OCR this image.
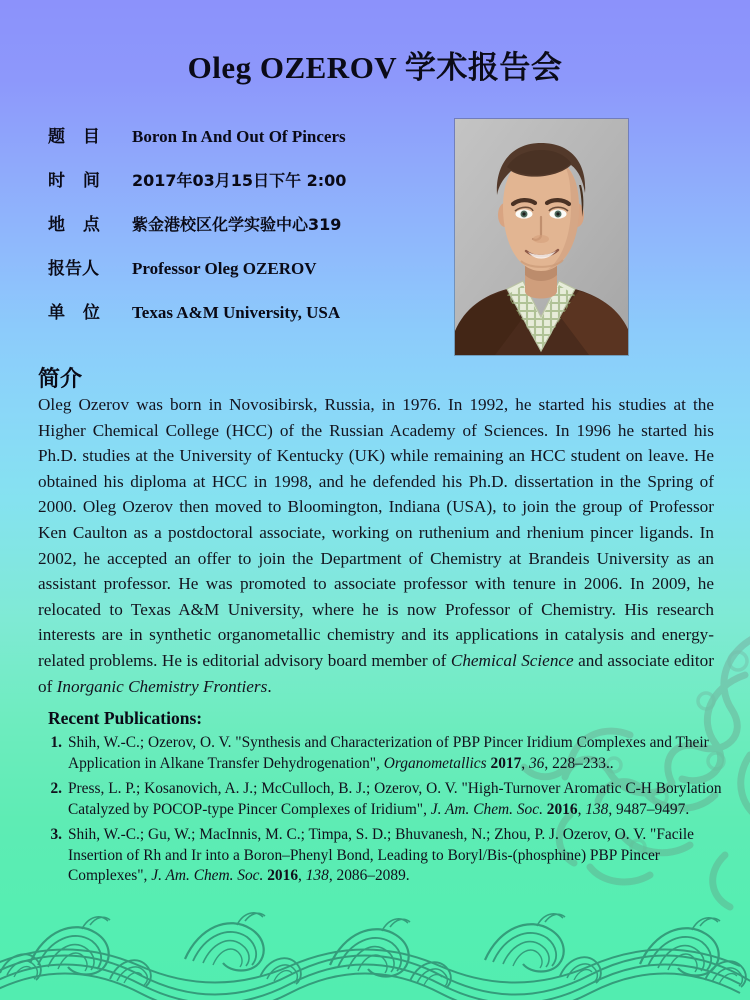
Oleg OZEROV 学术报告会
题 目	Boron In And Out Of Pincers
时 间	2017年03月15日下午 2:00
地 点	紫金港校区化学实验中心319
报告人	Professor Oleg OZEROV
单 位	Texas A&M University, USA
简介
Oleg Ozerov was born in Novosibirsk, Russia, in 1976. In 1992, he started his studies at the Higher Chemical College (HCC) of the Russian Academy of Sciences. In 1996 he started his Ph.D. studies at the University of Kentucky (UK) while remaining an HCC student on leave. He obtained his diploma at HCC in 1998, and he defended his Ph.D. dissertation in the Spring of 2000. Oleg Ozerov then moved to Bloomington, Indiana (USA), to join the group of Professor Ken Caulton as a postdoctoral associate, working on ruthenium and rhenium pincer ligands. In 2002, he accepted an offer to join the Department of Chemistry at Brandeis University as an assistant professor. He was promoted to associate professor with tenure in 2006. In 2009, he relocated to Texas A&M University, where he is now Professor of Chemistry. His research interests are in synthetic organometallic chemistry and its applications in catalysis and energy-related problems. He is editorial advisory board member of Chemical Science and associate editor of Inorganic Chemistry Frontiers.
Recent Publications:
1. Shih, W.-C.; Ozerov, O. V. "Synthesis and Characterization of PBP Pincer Iridium Complexes and Their Application in Alkane Transfer Dehydrogenation", Organometallics 2017, 36, 228–233..
2. Press, L. P.; Kosanovich, A. J.; McCulloch, B. J.; Ozerov, O. V. "High-Turnover Aromatic C-H Borylation Catalyzed by POCOP-type Pincer Complexes of Iridium", J. Am. Chem. Soc. 2016, 138, 9487–9497.
3. Shih, W.-C.; Gu, W.; MacInnis, M. C.; Timpa, S. D.; Bhuvanesh, N.; Zhou, P. J. Ozerov, O. V. "Facile Insertion of Rh and Ir into a Boron–Phenyl Bond, Leading to Boryl/Bis-(phosphine) PBP Pincer Complexes", J. Am. Chem. Soc. 2016, 138, 2086–2089.
